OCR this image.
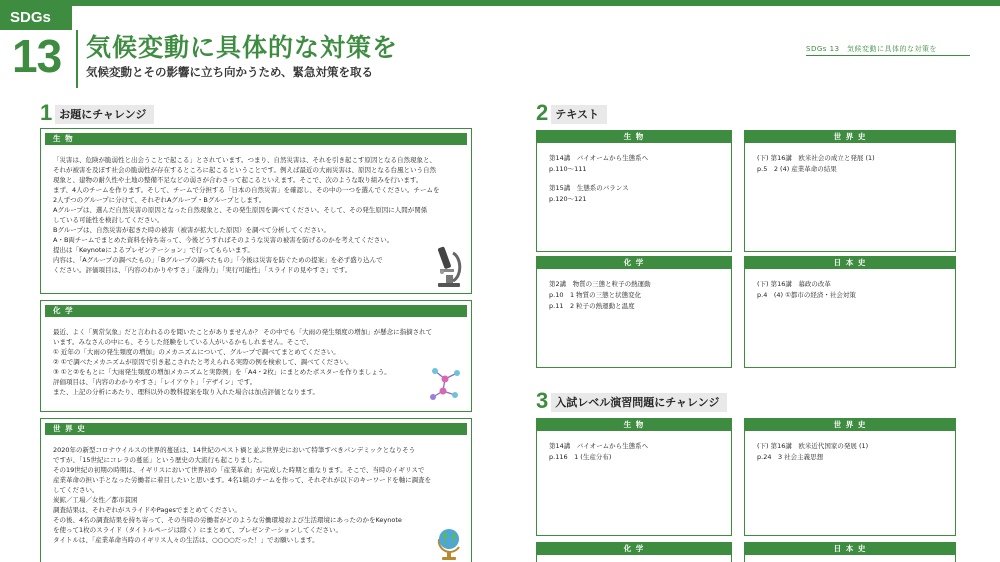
SDGs
13 気候変動に具体的な対策を
気候変動とその影響に立ち向かうため、緊急対策を取る
SDGs 13　気候変動に具体的な対策を
1 お題にチャレンジ
生 物

「災害は、危険が脆弱性と出会うことで起こる」とされています。つまり、自然災害は、それを引き起こす原因となる自然現象と、

それが被害を及ぼす社会の脆弱性が存在するところに起こるということです。例えば最近の大雨災害は、原因となる台風という自然

現象と、建物の耐久性や土地の整備不足などの弱さが合わさって起こるといえます。そこで、次のような取り組みを行います。

まず、4人のチームを作ります。そして、チームで分担する「日本の自然災害」を確認し、その中の一つを選んでください。チームを

2人ずつのグループに分けて、それぞれAグループ・Bグループとします。

Aグループは、選んだ自然災害の原因となった自然現象と、その発生原因を調べてください。そして、その発生原因に人間が関係

している可能性を検討してください。

Bグループは、自然災害が起きた時の被害（被害が拡大した原因）を調べて分析してください。

A・B両チームでまとめた資料を持ち寄って、今後どうすればそのような災害の被害を防げるのかを考えてください。

提出は「Keynoteによるプレゼンテーション」で行ってもらいます。

内容は、「Aグループの調べたもの」「Bグループの調べたもの」「今後は災害を防ぐための提案」を必ず盛り込んで

ください。評価項目は、「内容のわかりやすさ」「説得力」「実行可能性」「スライドの見やすさ」です。

化 学

最近、よく「異常気象」だと言われるのを聞いたことがありませんか？ その中でも「大雨の発生頻度の増加」が懸念に指摘されて

います。みなさんの中にも、そうした経験をしている人がいるかもしれません。そこで、

① 近年の「大雨の発生頻度の増加」のメカニズムについて、グループで調べてまとめてください。

② ①で調べたメカニズムが原因で引き起こされたと考えられる実際の例を検索して、調べてください。

③ ①と②をもとに「大雨発生頻度の増加メカニズムと実際例」を「A4・2枚」にまとめたポスターを作りましょう。

評価項目は、「内容のわかりやすさ」「レイアウト」「デザイン」です。

また、上記の分析にあたり、理科以外の教科提案を取り入れた場合は加点評価となります。

世 界 史

2020年の新型コロナウイルスの世界的蔓延は、14世紀のペスト禍と並ぶ世界史において特筆すべきパンデミックとなりそう

ですが、「15世紀にコレラの蔓延」という歴史の大流行も起こりました。

その19世紀の初期の時期は、イギリスにおいて世界初の「産業革命」が完成した時期と重なります。そこで、当時のイギリスで

産業革命の担い手となった労働者に着目したいと思います。4名1組のチームを作って、それぞれが以下のキーワードを軸に調査を

してください。

炭鉱／工場／女性／都市貧困

調査結果は、それぞれがスライドやPagesでまとめてください。

その後、4名の調査結果を持ち寄って、その当時の労働者がどのような労働環境および生活環境にあったのかをKeynote

を使って1枚のスライド（タイトルページは除く）にまとめて、プレゼンテーションしてください。

タイトルは、「産業革命当時のイギリス人々の生活は、○○○○だった！」でお願いします。

2 テキスト
生 物

第14講　バイオームから生態系へ

p.110〜111

第15講　生態系のバランス

p.120〜121

世 界 史

(下) 第16講　欧米社会の成立と発展 (1)

p.5　2 (4) 産業革命の結果

化 学

第2講　物質の三態と粒子の熱運動

p.10　1 物質の三態と状態変化

p.11　2 粒子の熱運動と温度

日 本 史

(下) 第16講　幕政の改革

p.4　(4) ①都市の経済・社会対策

3 入試レベル演習問題にチャレンジ
生 物

第14講　バイオームから生態系へ

p.116　1 (生産分布)

世 界 史

(下) 第16講　欧米近代国家の発展 (1)

p.24　3 社会主義思想

化 学	日 本 史
